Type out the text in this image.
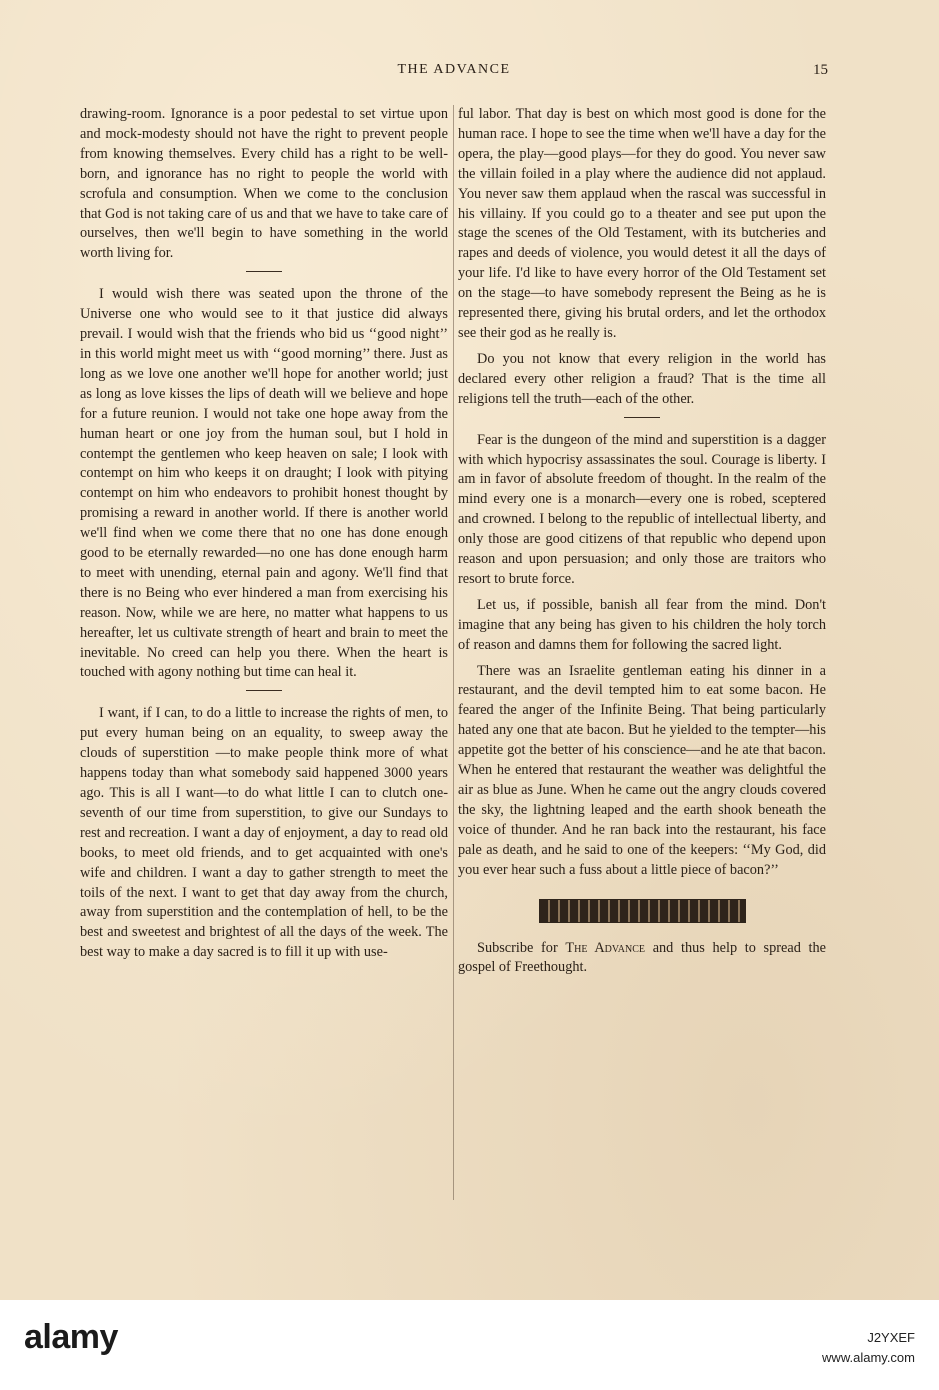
THE ADVANCE	15

drawing-room. Ignorance is a poor pedestal to set virtue upon and mock-modesty should not have the right to prevent people from knowing themselves. Every child has a right to be well-born, and ignorance has no right to people the world with scrofula and consumption. When we come to the conclusion that God is not taking care of us and that we have to take care of ourselves, then we'll begin to have something in the world worth living for.

I would wish there was seated upon the throne of the Universe one who would see to it that justice did always prevail. I would wish that the friends who bid us ‘‘good night’’ in this world might meet us with ‘‘good morning’’ there. Just as long as we love one another we'll hope for another world; just as long as love kisses the lips of death will we believe and hope for a future reunion. I would not take one hope away from the human heart or one joy from the human soul, but I hold in contempt the gentlemen who keep heaven on sale; I look with contempt on him who keeps it on draught; I look with pitying contempt on him who endeavors to prohibit honest thought by promising a reward in another world. If there is another world we'll find when we come there that no one has done enough good to be eternally rewarded—no one has done enough harm to meet with unending, eternal pain and agony. We'll find that there is no Being who ever hindered a man from exercising his reason. Now, while we are here, no matter what happens to us hereafter, let us cultivate strength of heart and brain to meet the inevitable. No creed can help you there. When the heart is touched with agony nothing but time can heal it.

I want, if I can, to do a little to increase the rights of men, to put every human being on an equality, to sweep away the clouds of superstition —to make people think more of what happens today than what somebody said happened 3000 years ago. This is all I want—to do what little I can to clutch one-seventh of our time from superstition, to give our Sundays to rest and recreation. I want a day of enjoyment, a day to read old books, to meet old friends, and to get acquainted with one's wife and children. I want a day to gather strength to meet the toils of the next. I want to get that day away from the church, away from superstition and the contemplation of hell, to be the best and sweetest and brightest of all the days of the week. The best way to make a day sacred is to fill it up with use-

ful labor. That day is best on which most good is done for the human race. I hope to see the time when we'll have a day for the opera, the play—good plays—for they do good. You never saw the villain foiled in a play where the audience did not applaud. You never saw them applaud when the rascal was successful in his villainy. If you could go to a theater and see put upon the stage the scenes of the Old Testament, with its butcheries and rapes and deeds of violence, you would detest it all the days of your life. I'd like to have every horror of the Old Testament set on the stage—to have somebody represent the Being as he is represented there, giving his brutal orders, and let the orthodox see their god as he really is.

Do you not know that every religion in the world has declared every other religion a fraud? That is the time all religions tell the truth—each of the other.

Fear is the dungeon of the mind and superstition is a dagger with which hypocrisy assassinates the soul. Courage is liberty. I am in favor of absolute freedom of thought. In the realm of the mind every one is a monarch—every one is robed, sceptered and crowned. I belong to the republic of intellectual liberty, and only those are good citizens of that republic who depend upon reason and upon persuasion; and only those are traitors who resort to brute force.

Let us, if possible, banish all fear from the mind. Don't imagine that any being has given to his children the holy torch of reason and damns them for following the sacred light.

There was an Israelite gentleman eating his dinner in a restaurant, and the devil tempted him to eat some bacon. He feared the anger of the Infinite Being. That being particularly hated any one that ate bacon. But he yielded to the tempter—his appetite got the better of his conscience—and he ate that bacon. When he entered that restaurant the weather was delightful the air as blue as June. When he came out the angry clouds covered the sky, the lightning leaped and the earth shook beneath the voice of thunder. And he ran back into the restaurant, his face pale as death, and he said to one of the keepers: ‘‘My God, did you ever hear such a fuss about a little piece of bacon?’’

Subscribe for The Advance and thus help to spread the gospel of Freethought.

alamy	J2YXEF
www.alamy.com
